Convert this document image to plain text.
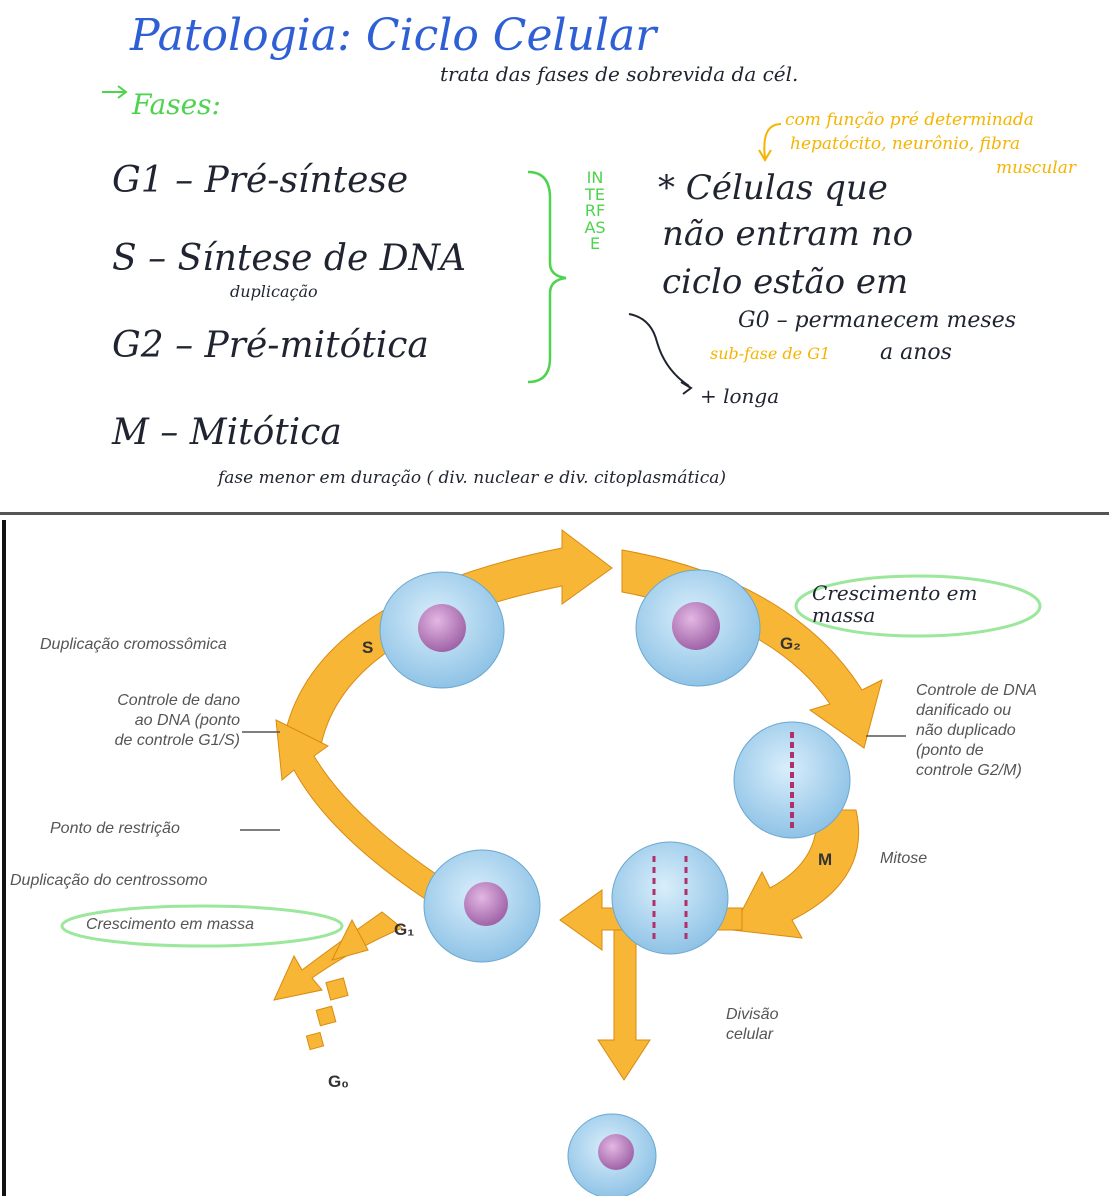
Patologia: Ciclo Celular
trata das fases de sobrevida da cél.
Fases:
G1 – Pré-síntese
S – Síntese de DNA
duplicação
G2 – Pré-mitótica
M – Mitótica
fase menor em duração ( div. nuclear e div. citoplasmática)
INTERFASE
com função pré determinada
hepatócito, neurônio, fibra
muscular
* Células que
não entram no
ciclo estão em
G0 – permanecem meses
sub-fase de G1 a anos
+ longa
Duplicação cromossômica
Controle de dano
ao DNA (ponto
de controle G1/S)
Ponto de restrição
Duplicação do centrossomo
Crescimento em massa
Crescimento em massa
Controle de DNA
danificado ou
não duplicado
(ponto de
controle G2/M)
Mitose
Divisão
celular
S	G₂
M
G₁
G₀
